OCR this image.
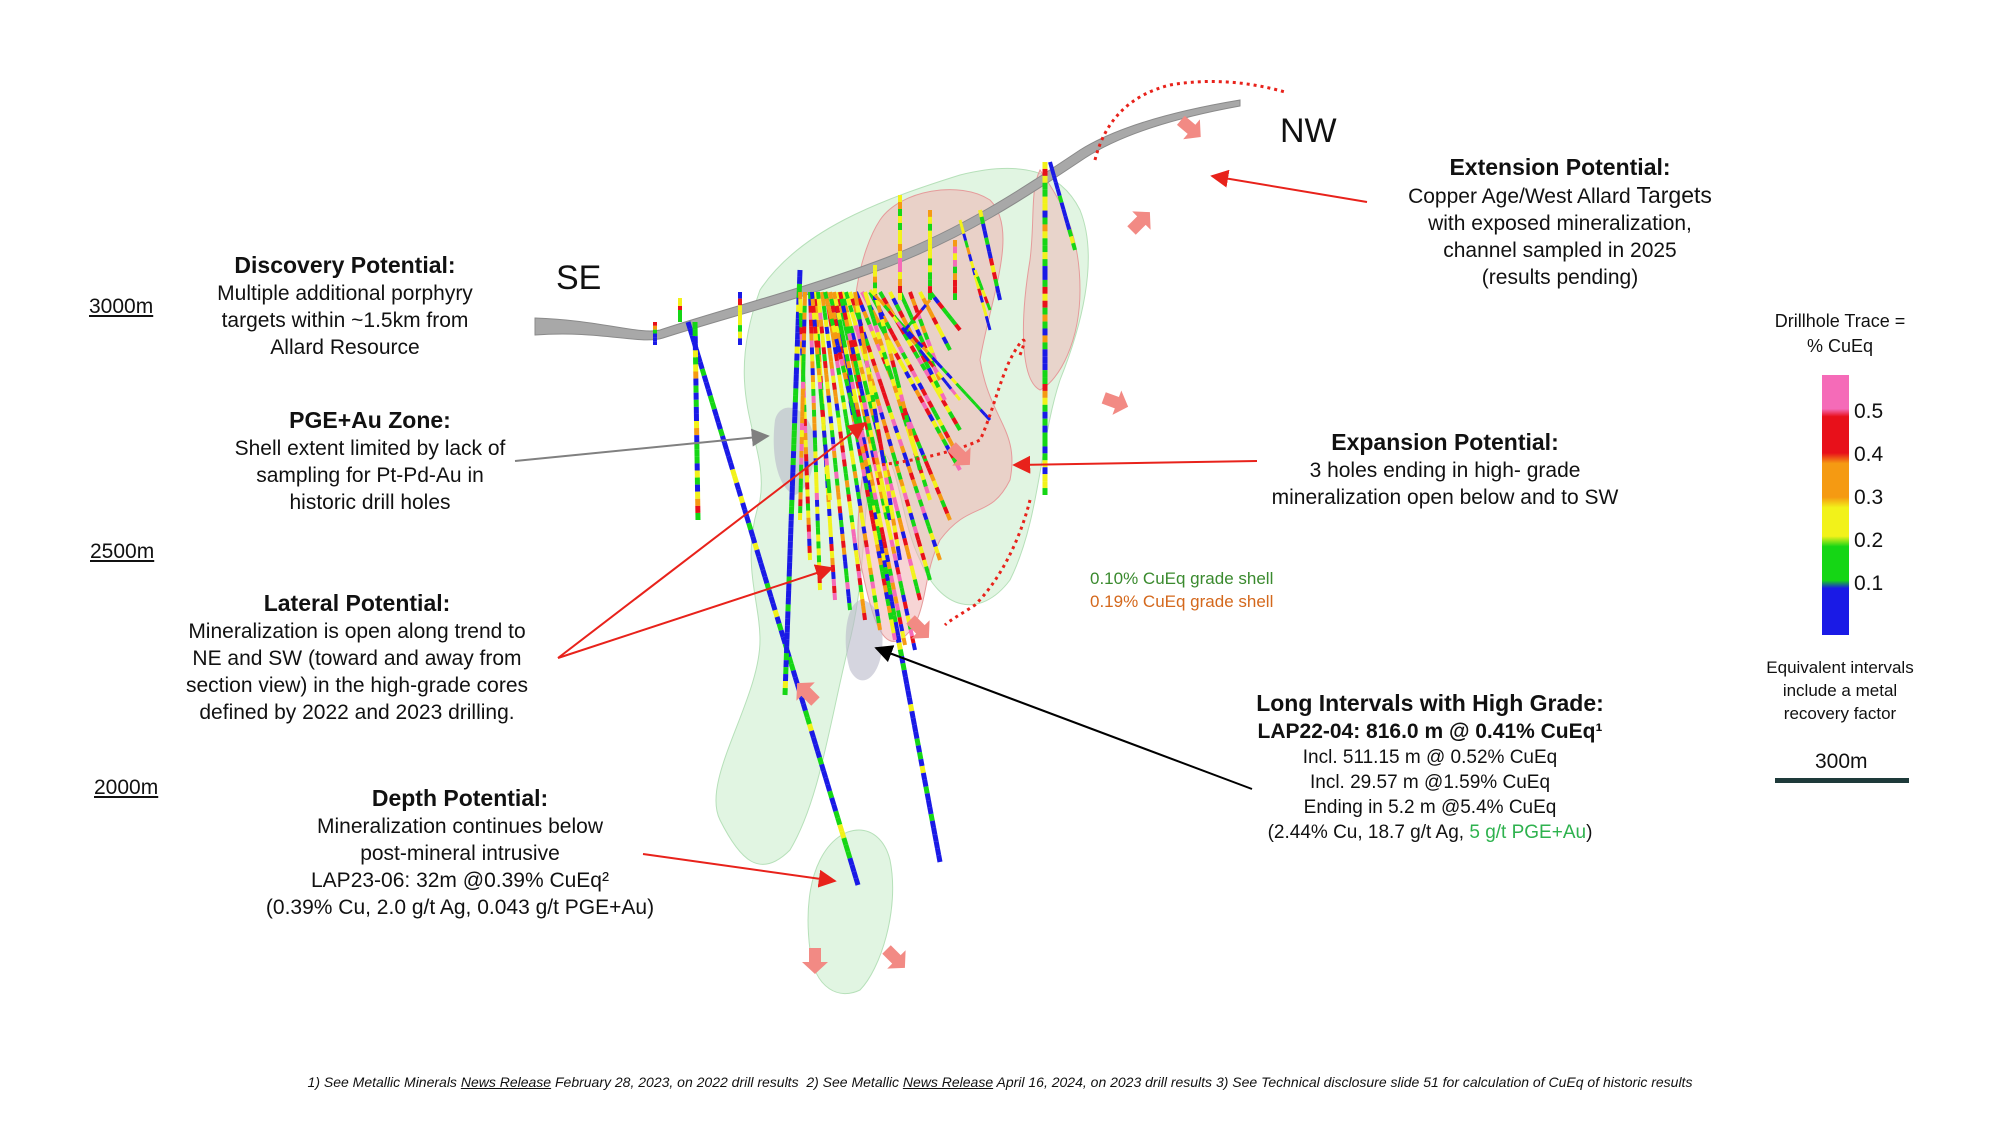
3000m
2500m
2000m
SE
NW
Discovery Potential:
Multiple additional porphyry
targets within ~1.5km from
Allard Resource
PGE+Au Zone:
Shell extent limited by lack of
sampling for Pt-Pd-Au in
historic drill holes
Lateral Potential:
Mineralization is open along trend to
NE and SW (toward and away from
section view) in the high-grade cores
defined by 2022 and 2023 drilling.
Depth Potential:
Mineralization continues below
post-mineral intrusive
LAP23-06: 32m @0.39% CuEq²
(0.39% Cu, 2.0 g/t Ag, 0.043 g/t PGE+Au)
Extension Potential:
Copper Age/West Allard Targets
with exposed mineralization,
channel sampled in 2025
(results pending)
Expansion Potential:
3 holes ending in high- grade
mineralization open below and to SW
0.10% CuEq grade shell
0.19% CuEq grade shell
Long Intervals with High Grade:
LAP22-04: 816.0 m @ 0.41% CuEq¹
Incl. 511.15 m @ 0.52% CuEq
Incl. 29.57 m @1.59% CuEq
Ending in 5.2 m @5.4% CuEq
(2.44% Cu, 18.7 g/t Ag, 5 g/t PGE+Au)
Drillhole Trace =
% CuEq
0.5
0.4
0.3
0.2
0.1
Equivalent intervals
include a metal
recovery factor
300m
1) See Metallic Minerals News Release February 28, 2023, on 2022 drill results  2) See Metallic News Release April 16, 2024, on 2023 drill results 3) See Technical disclosure slide 51 for calculation of CuEq of historic results
